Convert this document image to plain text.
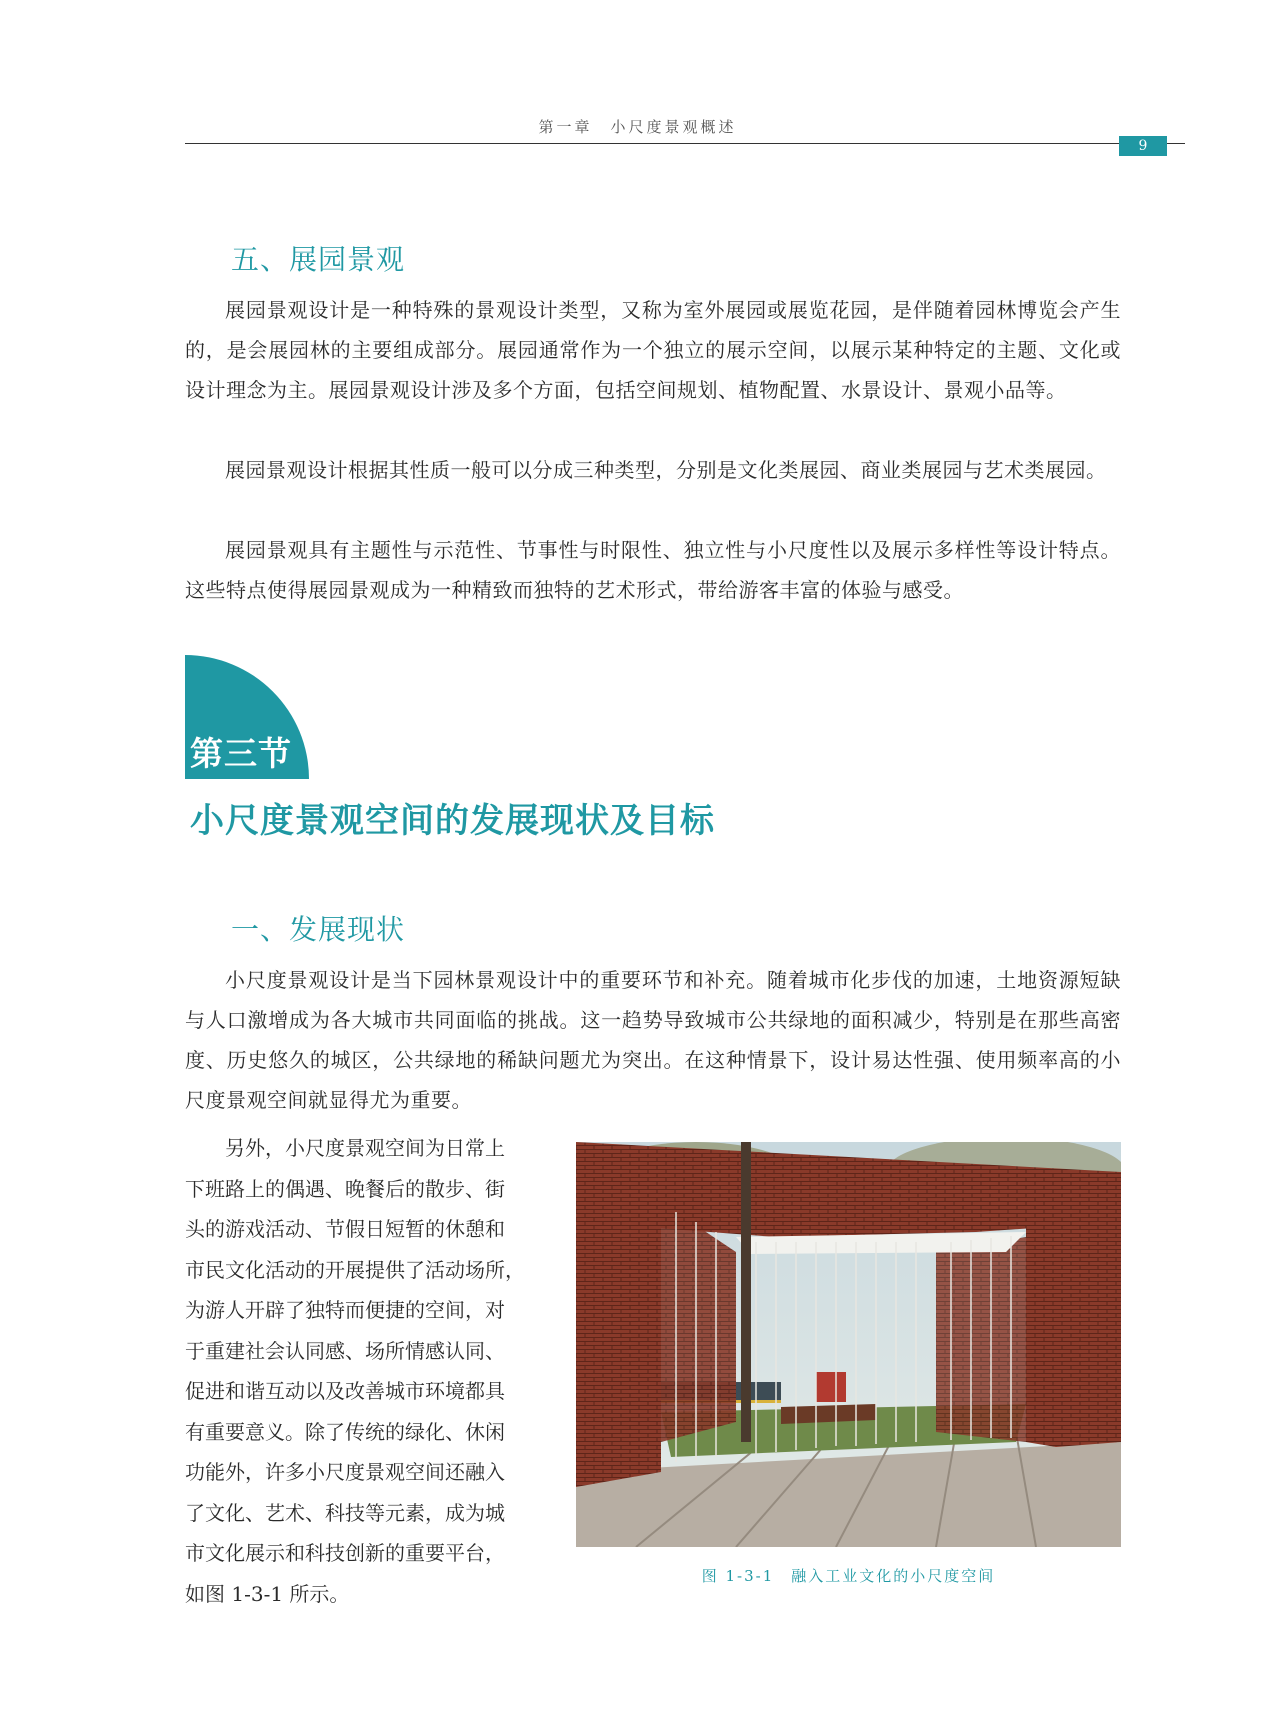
第一章　小尺度景观概述
9
五、展园景观

展园景观设计是一种特殊的景观设计类型，又称为室外展园或展览花园，是伴随着园林博览会产生的，是会展园林的主要组成部分。展园通常作为一个独立的展示空间，以展示某种特定的主题、文化或设计理念为主。展园景观设计涉及多个方面，包括空间规划、植物配置、水景设计、景观小品等。

展园景观设计根据其性质一般可以分成三种类型，分别是文化类展园、商业类展园与艺术类展园。

展园景观具有主题性与示范性、节事性与时限性、独立性与小尺度性以及展示多样性等设计特点。这些特点使得展园景观成为一种精致而独特的艺术形式，带给游客丰富的体验与感受。

第三节
小尺度景观空间的发展现状及目标
一、发展现状

小尺度景观设计是当下园林景观设计中的重要环节和补充。随着城市化步伐的加速，土地资源短缺与人口激增成为各大城市共同面临的挑战。这一趋势导致城市公共绿地的面积减少，特别是在那些高密度、历史悠久的城区，公共绿地的稀缺问题尤为突出。在这种情景下，设计易达性强、使用频率高的小尺度景观空间就显得尤为重要。

　　另外，小尺度景观空间为日常上
下班路上的偶遇、晚餐后的散步、街
头的游戏活动、节假日短暂的休憩和
市民文化活动的开展提供了活动场所，
为游人开辟了独特而便捷的空间，对
于重建社会认同感、场所情感认同、
促进和谐互动以及改善城市环境都具
有重要意义。除了传统的绿化、休闲
功能外，许多小尺度景观空间还融入
了文化、艺术、科技等元素，成为城
市文化展示和科技创新的重要平台，
如图 1-3-1 所示。
图 1-3-1　融入工业文化的小尺度空间
